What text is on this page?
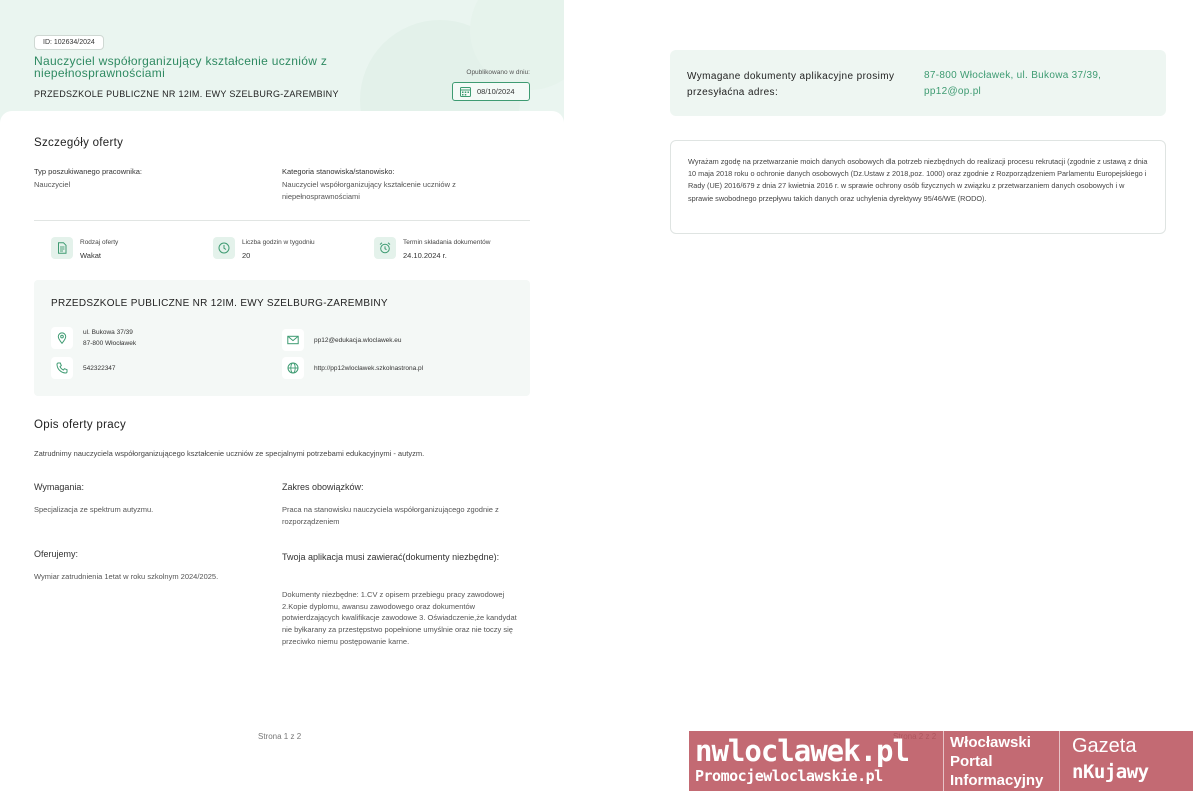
ID: 102634/2024
Nauczyciel współorganizujący kształcenie uczniów z niepełnosprawnościami
PRZEDSZKOLE PUBLICZNE NR 12IM. EWY SZELBURG-ZAREMBINY
Opublikowano w dniu:
08/10/2024
Szczegóły oferty
Typ poszukiwanego pracownika:
Nauczyciel
Kategoria stanowiska/stanowisko:
Nauczyciel współorganizujący kształcenie uczniów z niepełnosprawnościami
Rodzaj oferty
Wakat
Liczba godzin w tygodniu
20
Termin składania dokumentów
24.10.2024 r.
PRZEDSZKOLE PUBLICZNE NR 12IM. EWY SZELBURG-ZAREMBINY
ul. Bukowa 37/39
87-800 Włocławek	pp12@edukacja.wloclawek.eu
542322347	http://pp12wloclawek.szkolnastrona.pl
Opis oferty pracy
Zatrudnimy nauczyciela współorganizującego kształcenie uczniów ze specjalnymi potrzebami edukacyjnymi - autyzm.
Wymagania:
Specjalizacja ze spektrum autyzmu.
Zakres obowiązków:
Praca na stanowisku nauczyciela współorganizującego zgodnie z rozporządzeniem
Oferujemy:
Wymiar zatrudnienia 1etat w roku szkolnym 2024/2025.
Twoja aplikacja musi zawierać(dokumenty niezbędne):
Dokumenty niezbędne: 1.CV z opisem przebiegu pracy zawodowej 2.Kopie dyplomu, awansu zawodowego oraz dokumentów potwierdzających kwalifikacje zawodowe 3. Oświadczenie,że kandydat nie byłkarany za przestępstwo popełnione umyślnie oraz nie toczy się przeciwko niemu postępowanie karne.
Strona 1 z 2
Wymagane dokumenty aplikacyjne prosimy przesyłaćna adres:
87-800 Włocławek, ul. Bukowa 37/39, pp12@op.pl
Wyrażam zgodę na przetwarzanie moich danych osobowych dla potrzeb niezbędnych do realizacji procesu rekrutacji (zgodnie z ustawą z dnia 10 maja 2018 roku o ochronie danych osobowych (Dz.Ustaw z 2018,poz. 1000) oraz zgodnie z Rozporządzeniem Parlamentu Europejskiego i Rady (UE) 2016/679 z dnia 27 kwietnia 2016 r. w sprawie ochrony osób fizycznych w związku z przetwarzaniem danych osobowych i w sprawie swobodnego przepływu takich danych oraz uchylenia dyrektywy 95/46/WE (RODO).
nwloclawek.pl
Promocjewloclawskie.pl
Włocławski Portal Informacyjny
Gazeta
nKujawy
